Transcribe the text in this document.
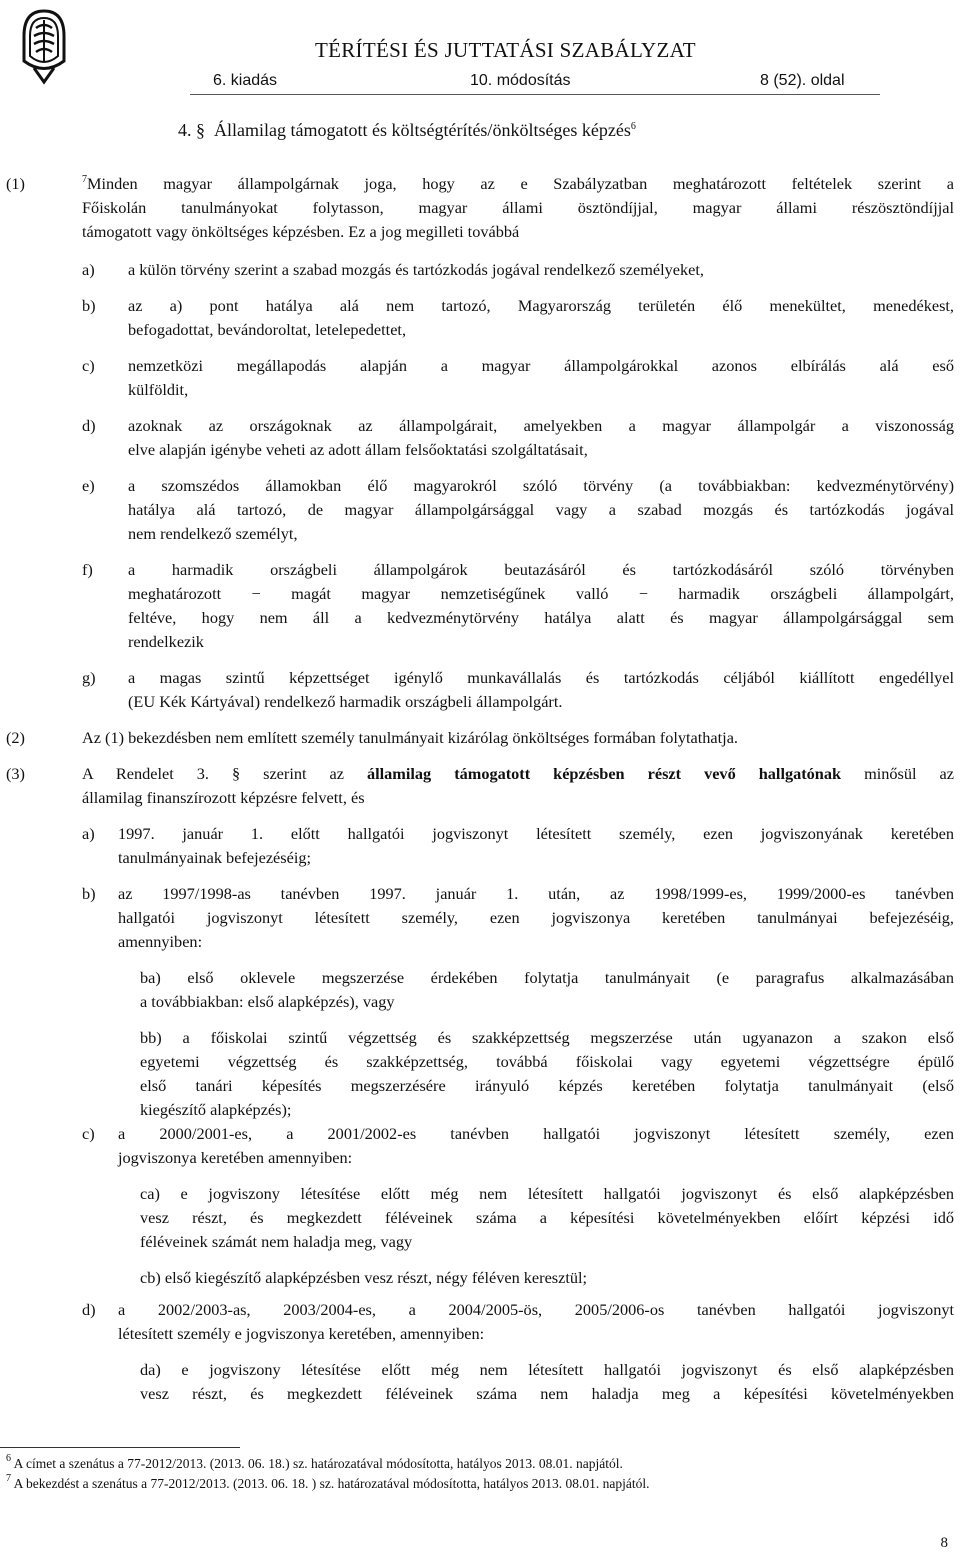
TÉRÍTÉSI ÉS JUTTATÁSI SZABÁLYZAT
6. kiadás	10. módosítás	8 (52). oldal
4. § Államilag támogatott és költségtérítés/önköltséges képzés$^6$
(1)	$^7$Minden magyar állampolgárnak joga, hogy az e Szabályzatban meghatározott feltételek szerint a
Főiskolán tanulmányokat folytasson, magyar állami ösztöndíjjal, magyar állami részösztöndíjjal
támogatott vagy önköltséges képzésben. Ez a jog megilleti továbbá
a) a külön törvény szerint a szabad mozgás és tartózkodás jogával rendelkező személyeket,
b) az a) pont hatálya alá nem tartozó, Magyarország területén élő menekültet, menedékest,
befogadottat, bevándoroltat, letelepedettet,
c) nemzetközi megállapodás alapján a magyar állampolgárokkal azonos elbírálás alá eső
külföldit,
d) azoknak az országoknak az állampolgárait, amelyekben a magyar állampolgár a viszonosság
elve alapján igénybe veheti az adott állam felsőoktatási szolgáltatásait,
e) a szomszédos államokban élő magyarokról szóló törvény (a továbbiakban: kedvezménytörvény)
hatálya alá tartozó, de magyar állampolgársággal vagy a szabad mozgás és tartózkodás jogával
nem rendelkező személyt,
f) a harmadik országbeli állampolgárok beutazásáról és tartózkodásáról szóló törvényben
meghatározott − magát magyar nemzetiségűnek valló − harmadik országbeli állampolgárt,
feltéve, hogy nem áll a kedvezménytörvény hatálya alatt és magyar állampolgársággal sem
rendelkezik
g) a magas szintű képzettséget igénylő munkavállalás és tartózkodás céljából kiállított engedéllyel
(EU Kék Kártyával) rendelkező harmadik országbeli állampolgárt.
(2)	Az (1) bekezdésben nem említett személy tanulmányait kizárólag önköltséges formában folytathatja.
(3)	A Rendelet 3. § szerint az államilag támogatott képzésben részt vevő hallgatónak minősül az
államilag finanszírozott képzésre felvett, és
a) 1997. január 1. előtt hallgatói jogviszonyt létesített személy, ezen jogviszonyának keretében
tanulmányainak befejezéséig;
b) az 1997/1998-as tanévben 1997. január 1. után, az 1998/1999-es, 1999/2000-es tanévben
hallgatói jogviszonyt létesített személy, ezen jogviszonya keretében tanulmányai befejezéséig,
amennyiben:
ba) első oklevele megszerzése érdekében folytatja tanulmányait (e paragrafus alkalmazásában
a továbbiakban: első alapképzés), vagy
bb) a főiskolai szintű végzettség és szakképzettség megszerzése után ugyanazon a szakon első
egyetemi végzettség és szakképzettség, továbbá főiskolai vagy egyetemi végzettségre épülő
első tanári képesítés megszerzésére irányuló képzés keretében folytatja tanulmányait (első
kiegészítő alapképzés);
c) a 2000/2001-es, a 2001/2002-es tanévben hallgatói jogviszonyt létesített személy, ezen
jogviszonya keretében amennyiben:
ca) e jogviszony létesítése előtt még nem létesített hallgatói jogviszonyt és első alapképzésben
vesz részt, és megkezdett féléveinek száma a képesítési követelményekben előírt képzési idő
féléveinek számát nem haladja meg, vagy
cb) első kiegészítő alapképzésben vesz részt, négy féléven keresztül;
d) a 2002/2003-as, 2003/2004-es, a 2004/2005-ös, 2005/2006-os tanévben hallgatói jogviszonyt
létesített személy e jogviszonya keretében, amennyiben:
da) e jogviszony létesítése előtt még nem létesített hallgatói jogviszonyt és első alapképzésben
vesz részt, és megkezdett féléveinek száma nem haladja meg a képesítési követelményekben
$^6$ A címet a szenátus a 77-2012/2013. (2013. 06. 18.) sz. határozatával módosította, hatályos 2013. 08.01. napjától.
$^7$ A bekezdést a szenátus a 77-2012/2013. (2013. 06. 18. ) sz. határozatával módosította, hatályos 2013. 08.01. napjától.
8
